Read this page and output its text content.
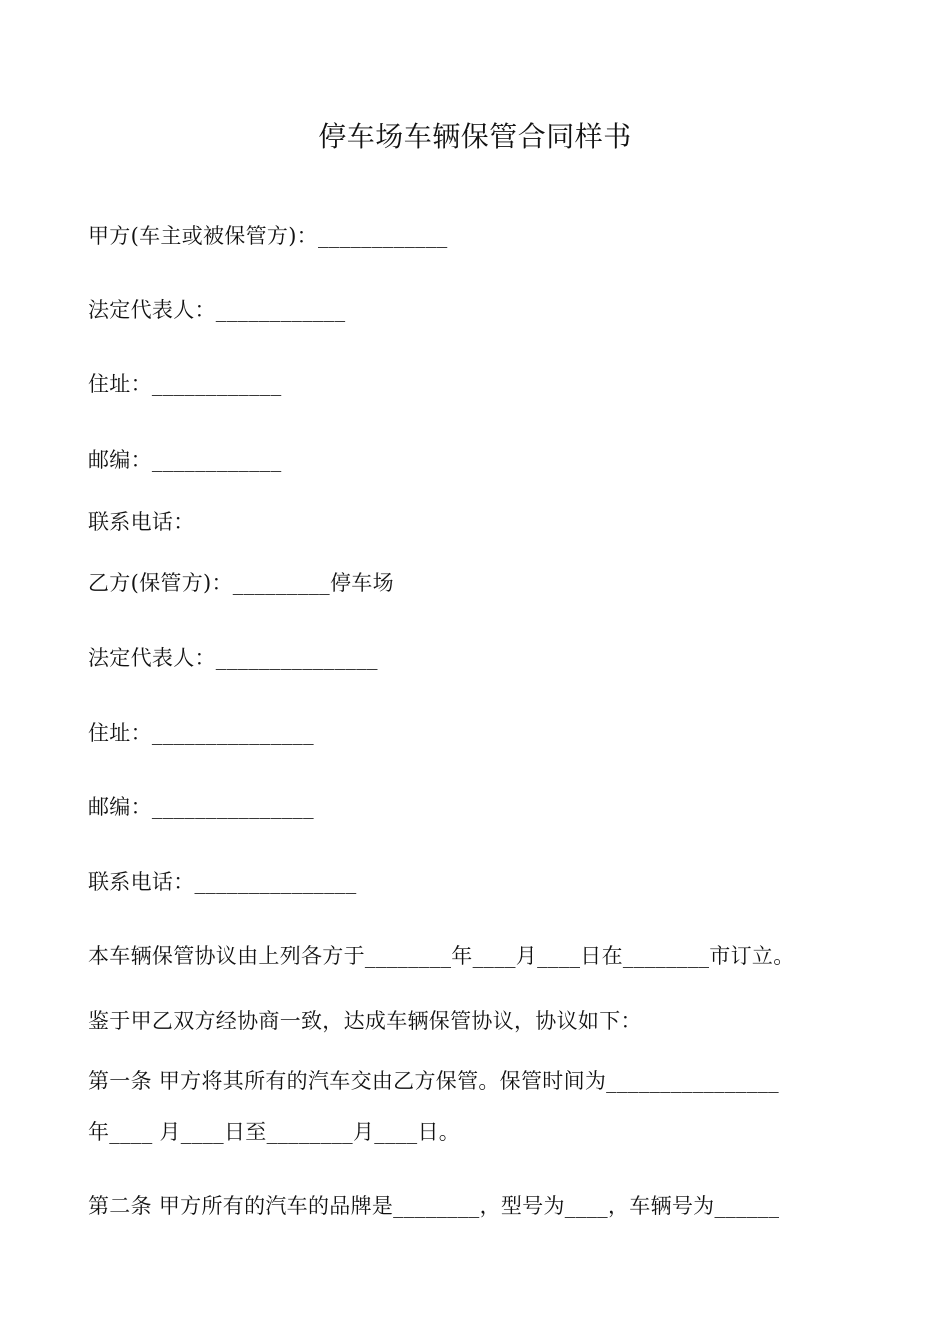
停车场车辆保管合同样书
甲方(车主或被保管方)：____________
法定代表人：____________
住址：____________
邮编：____________
联系电话：
乙方(保管方)：_________停车场
法定代表人：_______________
住址：_______________
邮编：_______________
联系电话：_______________
本车辆保管协议由上列各方于________年____月____日在________市订立。
鉴于甲乙双方经协商一致，达成车辆保管协议，协议如下：
第一条 甲方将其所有的汽车交由乙方保管。保管时间为________________
年____ 月____日至________月____日。
第二条 甲方所有的汽车的品牌是________，型号为____，车辆号为______
